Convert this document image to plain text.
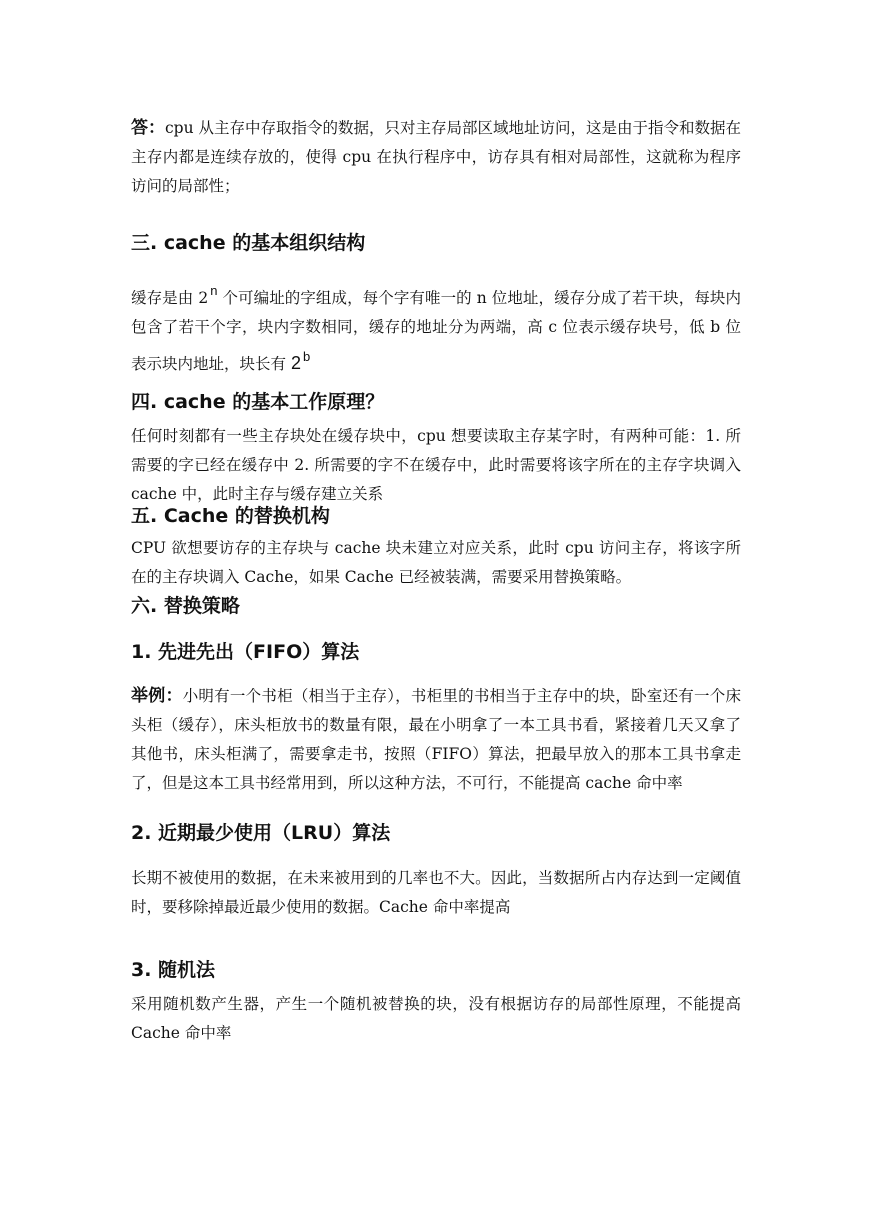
答：cpu 从主存中存取指令的数据，只对主存局部区域地址访问，这是由于指令和数据在主存内都是连续存放的，使得 cpu 在执行程序中，访存具有相对局部性，这就称为程序访问的局部性；
三. cache 的基本组织结构
缓存是由 2 $^n$ 个可编址的字组成，每个字有唯一的 n 位地址，缓存分成了若干块，每块内包含了若干个字，块内字数相同，缓存的地址分为两端，高 c 位表示缓存块号，低 b 位表示块内地址，块长有 2 $^b$
四. cache 的基本工作原理？
任何时刻都有一些主存块处在缓存块中，cpu 想要读取主存某字时，有两种可能：1. 所需要的字已经在缓存中 2. 所需要的字不在缓存中，此时需要将该字所在的主存字块调入 cache 中，此时主存与缓存建立关系
五. Cache 的替换机构
CPU 欲想要访存的主存块与 cache 块未建立对应关系，此时 cpu 访问主存，将该字所在的主存块调入 Cache，如果 Cache 已经被装满，需要采用替换策略。
六. 替换策略
1. 先进先出（FIFO）算法
举例：小明有一个书柜（相当于主存），书柜里的书相当于主存中的块，卧室还有一个床头柜（缓存），床头柜放书的数量有限，最在小明拿了一本工具书看，紧接着几天又拿了其他书，床头柜满了，需要拿走书，按照（FIFO）算法，把最早放入的那本工具书拿走了，但是这本工具书经常用到，所以这种方法，不可行，不能提高 cache 命中率
2. 近期最少使用（LRU）算法
长期不被使用的数据，在未来被用到的几率也不大。因此，当数据所占内存达到一定阈值时，要移除掉最近最少使用的数据。Cache 命中率提高
3. 随机法
采用随机数产生器，产生一个随机被替换的块，没有根据访存的局部性原理，不能提高 Cache 命中率
